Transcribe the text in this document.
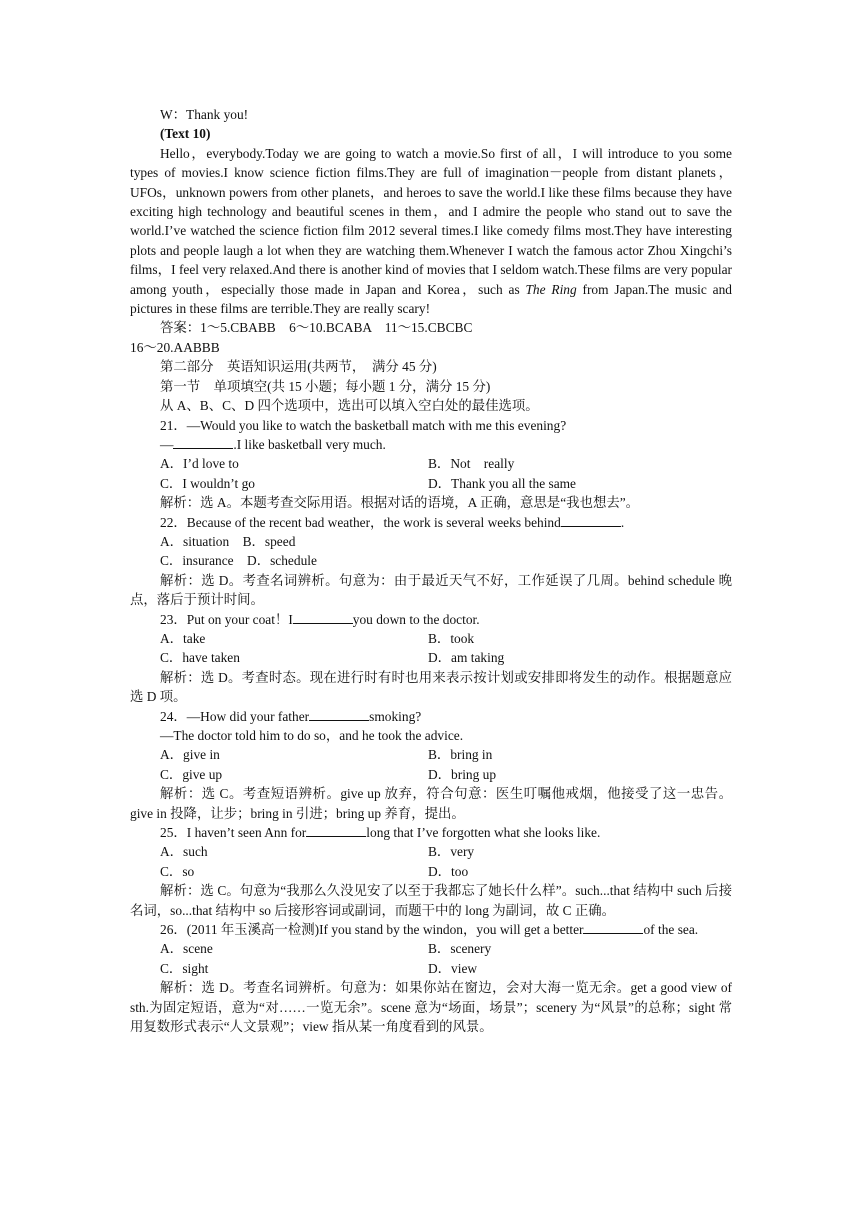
W：Thank you!

(Text 10)

Hello，everybody.Today we are going to watch a movie.So first of all，I will introduce to you some types of movies.I know science fiction films.They are full of imagination－people from distant planets，UFOs，unknown powers from other planets，and heroes to save the world.I like these films because they have exciting high technology and beautiful scenes in them，and I admire the people who stand out to save the world.I’ve watched the science fiction film 2012 several times.I like comedy films most.They have interesting plots and people laugh a lot when they are watching them.Whenever I watch the famous actor Zhou Xingchi’s films，I feel very relaxed.And there is another kind of movies that I seldom watch.These films are very popular among youth，especially those made in Japan and Korea，such as The Ring from Japan.The music and pictures in these films are terrible.They are really scary!

答案：1～5.CBABB　6～10.BCABA　11～15.CBCBC

16～20.AABBB

第二部分　英语知识运用(共两节，　满分 45 分)

第一节　单项填空(共 15 小题；每小题 1 分，满分 15 分)

从 A、B、C、D 四个选项中，选出可以填入空白处的最佳选项。

21．—Would you like to watch the basketball match with me this evening?

—	.I like basketball very much.

A．I’d love to	B．Not　really
C．I wouldn’t go	D．Thank you all the same

解析：选 A。本题考查交际用语。根据对话的语境，A 正确，意思是“我也想去”。

22．Because of the recent bad weather，the work is several weeks behind	.

A．situation　B．speed

C．insurance　D．schedule

解析：选 D。考查名词辨析。句意为：由于最近天气不好，工作延误了几周。behind schedule 晚点，落后于预计时间。

23．Put on your coat！I	you down to the doctor.

A．take	B．took
C．have taken	D．am taking

解析：选 D。考查时态。现在进行时有时也用来表示按计划或安排即将发生的动作。根据题意应选 D 项。

24．—How did your father	smoking?

—The doctor told him to do so，and he took the advice.

A．give in	B．bring in
C．give up	D．bring up

解析：选 C。考查短语辨析。give up 放弃，符合句意：医生叮嘱他戒烟，他接受了这一忠告。give in 投降，让步；bring in 引进；bring up 养育，提出。

25．I haven’t seen Ann for	long that I’ve forgotten what she looks like.

A．such	B．very
C．so	D．too

解析：选 C。句意为“我那么久没见安了以至于我都忘了她长什么样”。such...that 结构中 such 后接名词，so...that 结构中 so 后接形容词或副词，而题干中的 long 为副词，故 C 正确。

26．(2011 年玉溪高一检测)If you stand by the windon，you will get a better	of the sea.

A．scene	B．scenery
C．sight	D．view

解析：选 D。考查名词辨析。句意为：如果你站在窗边，会对大海一览无余。get a good view of sth.为固定短语，意为“对……一览无余”。scene 意为“场面，场景”；scenery 为“风景”的总称；sight 常用复数形式表示“人文景观”；view 指从某一角度看到的风景。
